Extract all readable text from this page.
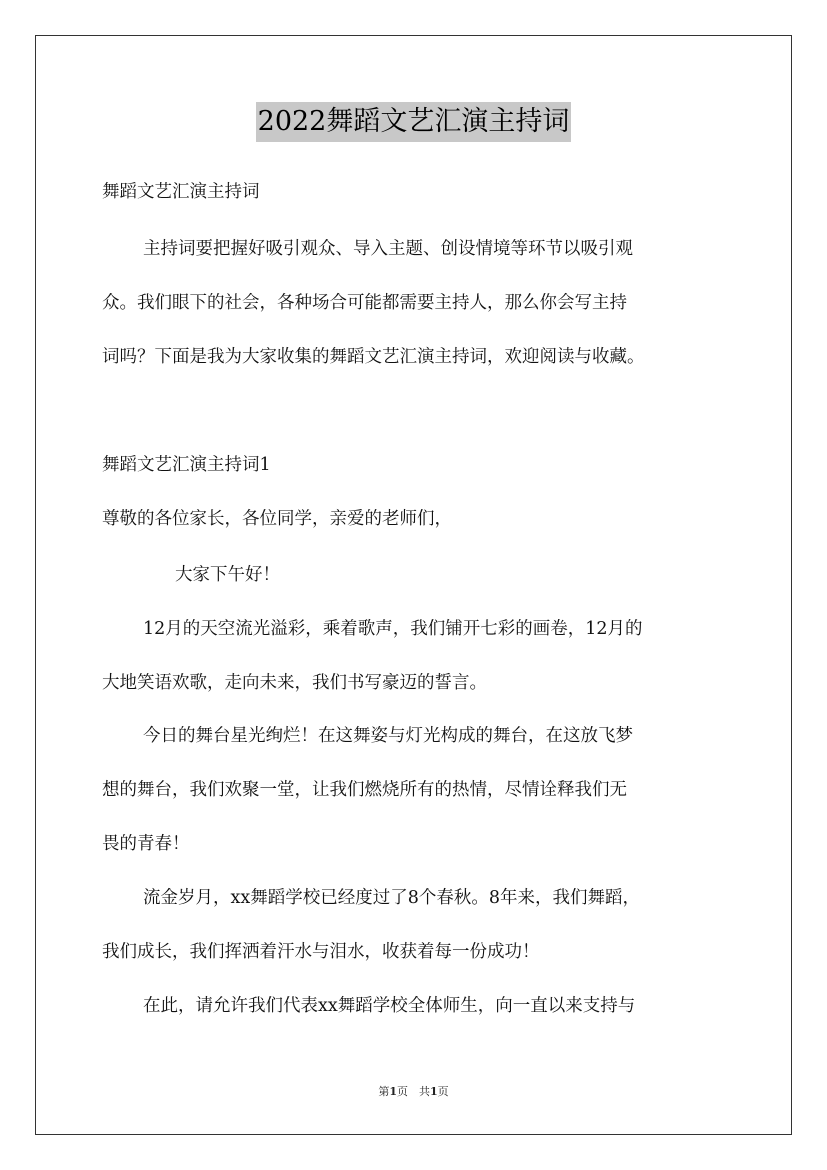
2022舞蹈文艺汇演主持词
舞蹈文艺汇演主持词
主持词要把握好吸引观众、导入主题、创设情境等环节以吸引观
众。我们眼下的社会，各种场合可能都需要主持人，那么你会写主持
词吗？下面是我为大家收集的舞蹈文艺汇演主持词，欢迎阅读与收藏。
舞蹈文艺汇演主持词1
尊敬的各位家长，各位同学，亲爱的老师们，
大家下午好！
12月的天空流光溢彩，乘着歌声，我们铺开七彩的画卷，12月的
大地笑语欢歌，走向未来，我们书写豪迈的誓言。
今日的舞台星光绚烂！在这舞姿与灯光构成的舞台，在这放飞梦
想的舞台，我们欢聚一堂，让我们燃烧所有的热情，尽情诠释我们无
畏的青春！
流金岁月，xx舞蹈学校已经度过了8个春秋。8年来，我们舞蹈，
我们成长，我们挥洒着汗水与泪水，收获着每一份成功！
在此，请允许我们代表xx舞蹈学校全体师生，向一直以来支持与
第1页　共1页
